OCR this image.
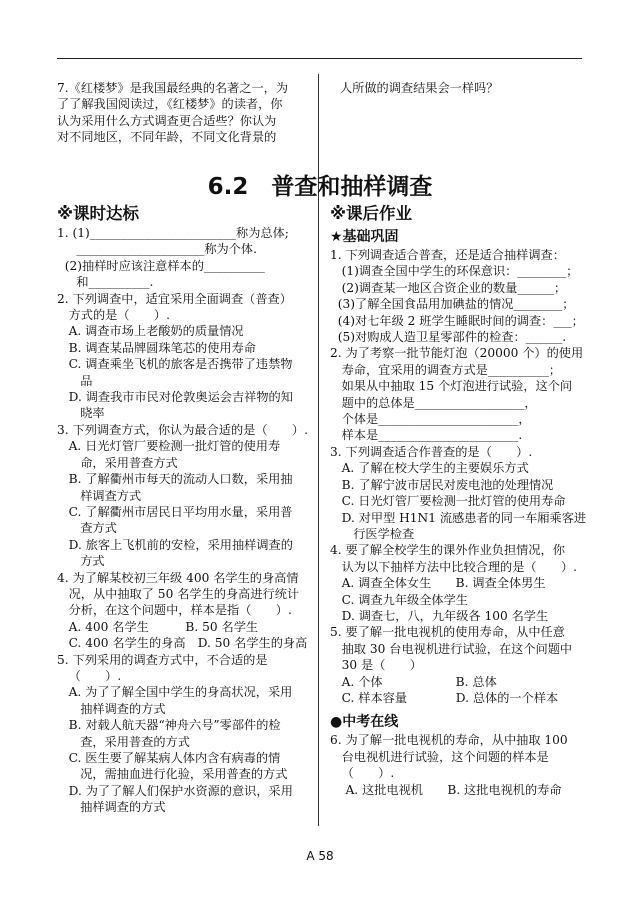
7.《红楼梦》是我国最经典的名著之一，为

了了解我国阅读过，《红楼梦》的读者，你

认为采用什么方式调查更合适些？你认为

对不同地区，不同年龄，不同文化背景的

人所做的调查结果会一样吗？

6.2　普查和抽样调查
※课时达标

1. (1)________________________称为总体;

_____________________称为个体.

(2)抽样时应该注意样本的__________

和__________.

2. 下列调查中，适宜采用全面调查（普查）

方式的是（　　）.

A. 调查市场上老酸奶的质量情况

B. 调查某品牌圆珠笔芯的使用寿命

C. 调查乘坐飞机的旅客是否携带了违禁物

品

D. 调查我市市民对伦敦奥运会吉祥物的知

晓率

3. 下列调查方式，你认为最合适的是（　　）.

A. 日光灯管厂要检测一批灯管的使用寿

命，采用普查方式

B. 了解衢州市每天的流动人口数，采用抽

样调查方式

C. 了解衢州市居民日平均用水量，采用普

查方式

D. 旅客上飞机前的安检，采用抽样调查的

方式

4. 为了解某校初三年级 400 名学生的身高情

况，从中抽取了 50 名学生的身高进行统计

分析，在这个问题中，样本是指（　　）.

A. 400 名学生　　　B. 50 名学生

C. 400 名学生的身高　D. 50 名学生的身高

5. 下列采用的调查方式中，不合适的是

（　　）.

A. 为了了解全国中学生的身高状况，采用

抽样调查的方式

B. 对载人航天器“神舟六号”零部件的检

查，采用普查的方式

C. 医生要了解某病人体内含有病毒的情

况，需抽血进行化验，采用普查的方式

D. 为了了解人们保护水资源的意识，采用

抽样调查的方式

※课后作业
★基础巩固

1. 下列调查适合普查，还是适合抽样调查：

(1)调查全国中学生的环保意识：________；

(2)调查某一地区合资企业的数量______；

(3)了解全国食品用加碘盐的情况________；

(4)对七年级 2 班学生睡眠时间的调查：___；

(5)对购成人造卫星零部件的检查：______.

2. 为了考察一批节能灯泡（20000 个）的使用

寿命，宜采用的调查方式是__________；

如果从中抽取 15 个灯泡进行试验，这个问

题中的总体是__________________，

个体是_______________________，

样本是_______________________.

3. 下列调查适合作普查的是（　　）.

A. 了解在校大学生的主要娱乐方式

B. 了解宁波市居民对废电池的处理情况

C. 日光灯管厂要检测一批灯管的使用寿命

D. 对甲型 H1N1 流感患者的同一车厢乘客进

行医学检查

4. 要了解全校学生的课外作业负担情况，你

认为以下抽样方法中比较合理的是（　　）.

A. 调查全体女生　　B. 调查全体男生

C. 调查九年级全体学生

D. 调查七，八，九年级各 100 名学生

5. 要了解一批电视机的使用寿命，从中任意

抽取 30 台电视机进行试验，在这个问题中

30 是（　　）

A. 个体　　　　　　B. 总体

C. 样本容量　　　　D. 总体的一个样本

●中考在线

6. 为了解一批电视机的寿命，从中抽取 100

台电视机进行试验，这个问题的样本是

（　　）.

A. 这批电视机　　B. 这批电视机的寿命

A 58
